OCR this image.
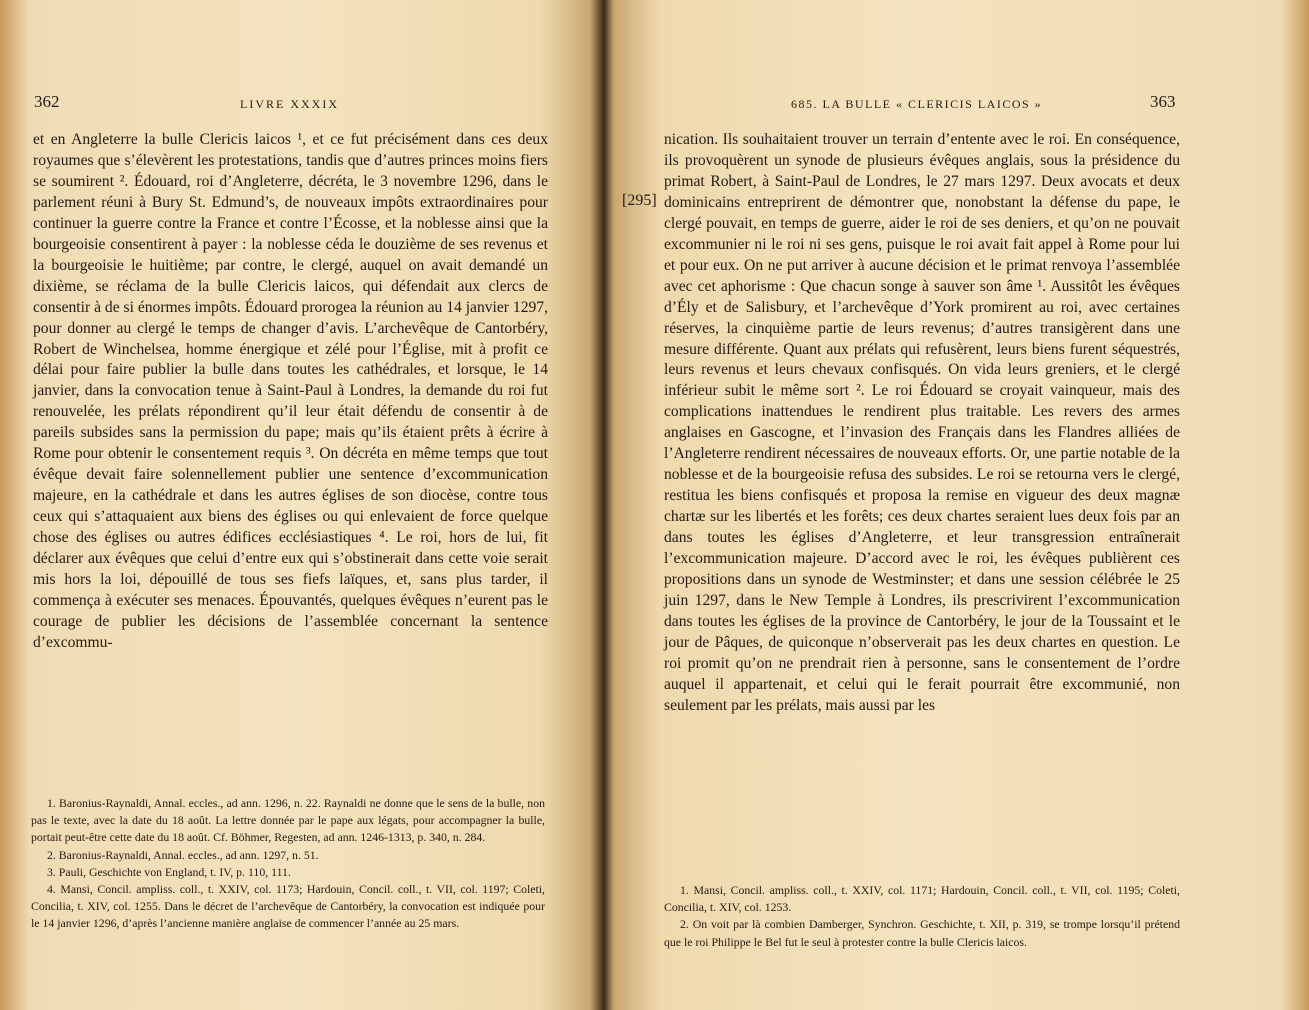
362	LIVRE XXXIX

et en Angleterre la bulle Clericis laicos ¹, et ce fut précisément dans ces deux royaumes que s’élevèrent les protestations, tandis que d’autres princes moins fiers se soumirent ². Édouard, roi d’Angleterre, décréta, le 3 novembre 1296, dans le parlement réuni à Bury St. Edmund’s, de nouveaux impôts extraordinaires pour continuer la guerre contre la France et contre l’Écosse, et la noblesse ainsi que la bourgeoisie consentirent à payer : la noblesse céda le douzième de ses revenus et la bourgeoisie le huitième; par contre, le clergé, auquel on avait demandé un dixième, se réclama de la bulle Clericis laicos, qui défendait aux clercs de consentir à de si énormes impôts. Édouard prorogea la réunion au 14 janvier 1297, pour donner au clergé le temps de changer d’avis. L’archevêque de Cantorbéry, Robert de Winchelsea, homme énergique et zélé pour l’Église, mit à profit ce délai pour faire publier la bulle dans toutes les cathédrales, et lorsque, le 14 janvier, dans la convocation tenue à Saint-Paul à Londres, la demande du roi fut renouvelée, les prélats répondirent qu’il leur était défendu de consentir à de pareils subsides sans la permission du pape; mais qu’ils étaient prêts à écrire à Rome pour obtenir le consentement requis ³. On décréta en même temps que tout évêque devait faire solennellement publier une sentence d’excommunication majeure, en la cathédrale et dans les autres églises de son diocèse, contre tous ceux qui s’attaquaient aux biens des églises ou qui enlevaient de force quelque chose des églises ou autres édifices ecclésiastiques ⁴. Le roi, hors de lui, fit déclarer aux évêques que celui d’entre eux qui s’obstinerait dans cette voie serait mis hors la loi, dépouillé de tous ses fiefs laïques, et, sans plus tarder, il commença à exécuter ses menaces. Épouvantés, quelques évêques n’eurent pas le courage de publier les décisions de l’assemblée concernant la sentence d’excommu-

1. Baronius-Raynaldi, Annal. eccles., ad ann. 1296, n. 22. Raynaldi ne donne que le sens de la bulle, non pas le texte, avec la date du 18 août. La lettre donnée par le pape aux légats, pour accompagner la bulle, portait peut-être cette date du 18 août. Cf. Böhmer, Regesten, ad ann. 1246-1313, p. 340, n. 284.
2. Baronius-Raynaldi, Annal. eccles., ad ann. 1297, n. 51.
3. Pauli, Geschichte von England, t. IV, p. 110, 111.
4. Mansi, Concil. ampliss. coll., t. XXIV, col. 1173; Hardouin, Concil. coll., t. VII, col. 1197; Coleti, Concilia, t. XIV, col. 1255. Dans le décret de l’archevêque de Cantorbéry, la convocation est indiquée pour le 14 janvier 1296, d’après l’ancienne manière anglaise de commencer l’année au 25 mars.
685. LA BULLE « CLERICIS LAICOS »	363
[295]

nication. Ils souhaitaient trouver un terrain d’entente avec le roi. En conséquence, ils provoquèrent un synode de plusieurs évêques anglais, sous la présidence du primat Robert, à Saint-Paul de Londres, le 27 mars 1297. Deux avocats et deux dominicains entreprirent de démontrer que, nonobstant la défense du pape, le clergé pouvait, en temps de guerre, aider le roi de ses deniers, et qu’on ne pouvait excommunier ni le roi ni ses gens, puisque le roi avait fait appel à Rome pour lui et pour eux. On ne put arriver à aucune décision et le primat renvoya l’assemblée avec cet aphorisme : Que chacun songe à sauver son âme ¹. Aussitôt les évêques d’Ély et de Salisbury, et l’archevêque d’York promirent au roi, avec certaines réserves, la cinquième partie de leurs revenus; d’autres transigèrent dans une mesure différente. Quant aux prélats qui refusèrent, leurs biens furent séquestrés, leurs revenus et leurs chevaux confisqués. On vida leurs greniers, et le clergé inférieur subit le même sort ². Le roi Édouard se croyait vainqueur, mais des complications inattendues le rendirent plus traitable. Les revers des armes anglaises en Gascogne, et l’invasion des Français dans les Flandres alliées de l’Angleterre rendirent nécessaires de nouveaux efforts. Or, une partie notable de la noblesse et de la bourgeoisie refusa des subsides. Le roi se retourna vers le clergé, restitua les biens confisqués et proposa la remise en vigueur des deux magnæ chartæ sur les libertés et les forêts; ces deux chartes seraient lues deux fois par an dans toutes les églises d’Angleterre, et leur transgression entraînerait l’excommunication majeure. D’accord avec le roi, les évêques publièrent ces propositions dans un synode de Westminster; et dans une session célébrée le 25 juin 1297, dans le New Temple à Londres, ils prescrivirent l’excommunication dans toutes les églises de la province de Cantorbéry, le jour de la Toussaint et le jour de Pâques, de quiconque n’observerait pas les deux chartes en question. Le roi promit qu’on ne prendrait rien à personne, sans le consentement de l’ordre auquel il appartenait, et celui qui le ferait pourrait être excommunié, non seulement par les prélats, mais aussi par les

1. Mansi, Concil. ampliss. coll., t. XXIV, col. 1171; Hardouin, Concil. coll., t. VII, col. 1195; Coleti, Concilia, t. XIV, col. 1253.
2. On voit par là combien Damberger, Synchron. Geschichte, t. XII, p. 319, se trompe lorsqu’il prétend que le roi Philippe le Bel fut le seul à protester contre la bulle Clericis laicos.
